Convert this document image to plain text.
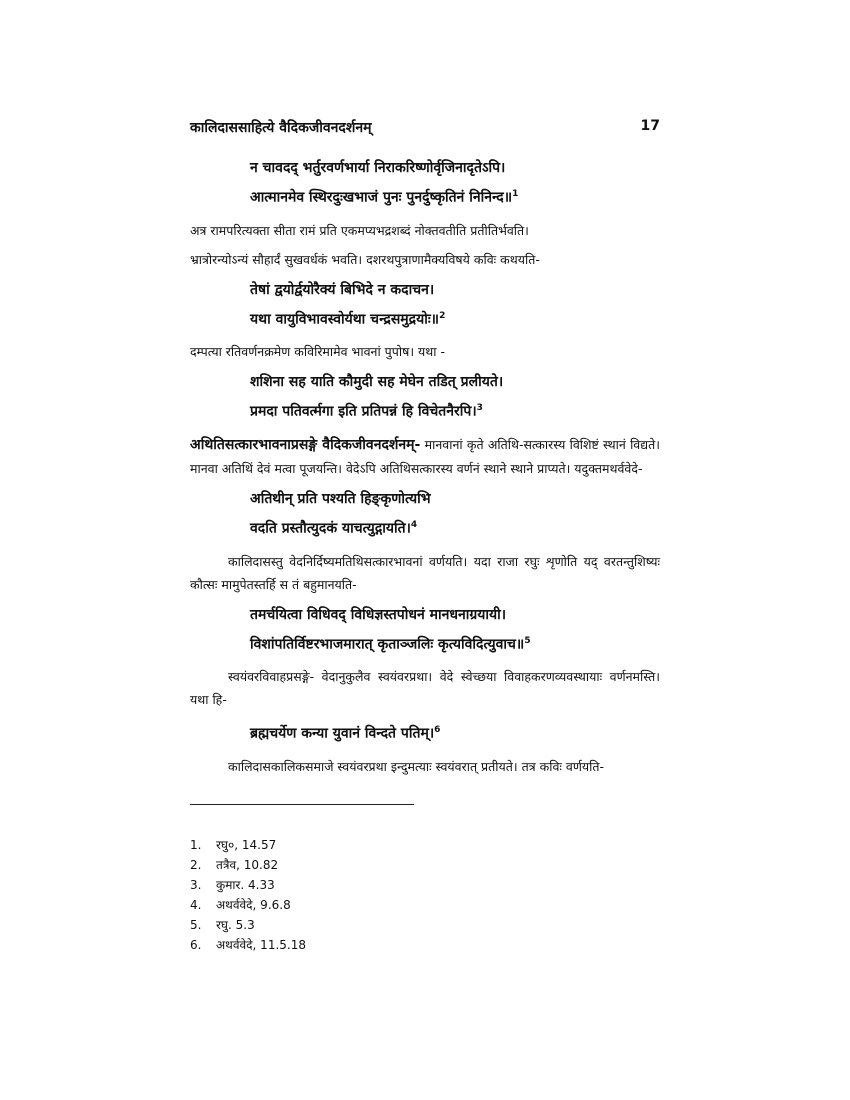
कालिदाससाहित्ये वैदिकजीवनदर्शनम्	17
न चावदद् भर्तुरवर्णभार्या निराकरिष्णोर्वृजिनादृतेऽपि।
आत्मानमेव स्थिरदुःखभाजं पुनः पुनर्दुष्कृतिनं निनिन्द॥$^1$

अत्र रामपरित्यक्ता सीता रामं प्रति एकमप्यभद्रशब्दं नोक्तवतीति प्रतीतिर्भवति।

भ्रात्रोरन्योऽन्यं सौहार्दं सुखवर्धकं भवति। दशरथपुत्राणामैक्यविषये कविः कथयति-

तेषां द्वयोर्द्वयोरैक्यं बिभिदे न कदाचन।
यथा वायुविभावस्वोर्यथा चन्द्रसमुद्रयोः॥$^2$

दम्पत्या रतिवर्णनक्रमेण कविरिमामेव भावनां पुपोष। यथा -

शशिना सह याति कौमुदी सह मेघेन तडित् प्रलीयते।
प्रमदा पतिवर्त्मगा इति प्रतिपन्नं हि विचेतनैरपि।$^3$

अथितिसत्कारभावनाप्रसङ्गे वैदिकजीवनदर्शनम्- मानवानां कृते अतिथि-सत्कारस्य विशिष्टं स्थानं विद्यते। मानवा अतिथिं देवं मत्वा पूजयन्ति। वेदेऽपि अतिथिसत्कारस्य वर्णनं स्थाने स्थाने प्राप्यते। यदुक्तमथर्ववेदे-

अतिथीन् प्रति पश्यति हिङ्कृणोत्यभि
वदति प्रस्तौत्युदकं याचत्युद्गायति।$^4$

कालिदासस्तु वेदनिर्दिष्यमतिथिसत्कारभावनां वर्णयति। यदा राजा रघुः शृणोति यद् वरतन्तुशिष्यः कौत्सः मामुपेतस्तर्हि स तं बहुमानयति-

तमर्चयित्वा विधिवद् विधिज्ञस्तपोधनं मानधनाग्रयायी।
विशांपतिर्विष्टरभाजमारात् कृताञ्जलिः कृत्यविदित्युवाच॥$^5$

स्वयंवरविवाहप्रसङ्गे- वेदानुकुलैव स्वयंवरप्रथा। वेदे स्वेच्छया विवाहकरणव्यवस्थायाः वर्णनमस्ति। यथा हि-

ब्रह्मचर्येण कन्या युवानं विन्दते पतिम्।$^6$

कालिदासकालिकसमाजे स्वयंवरप्रथा इन्दुमत्याः स्वयंवरात् प्रतीयते। तत्र कविः वर्णयति-

1.	रघु०, 14.57
2.	तत्रैव, 10.82
3.	कुमार. 4.33
4.	अथर्ववेदे, 9.6.8
5.	रघु. 5.3
6.	अथर्ववेदे, 11.5.18
